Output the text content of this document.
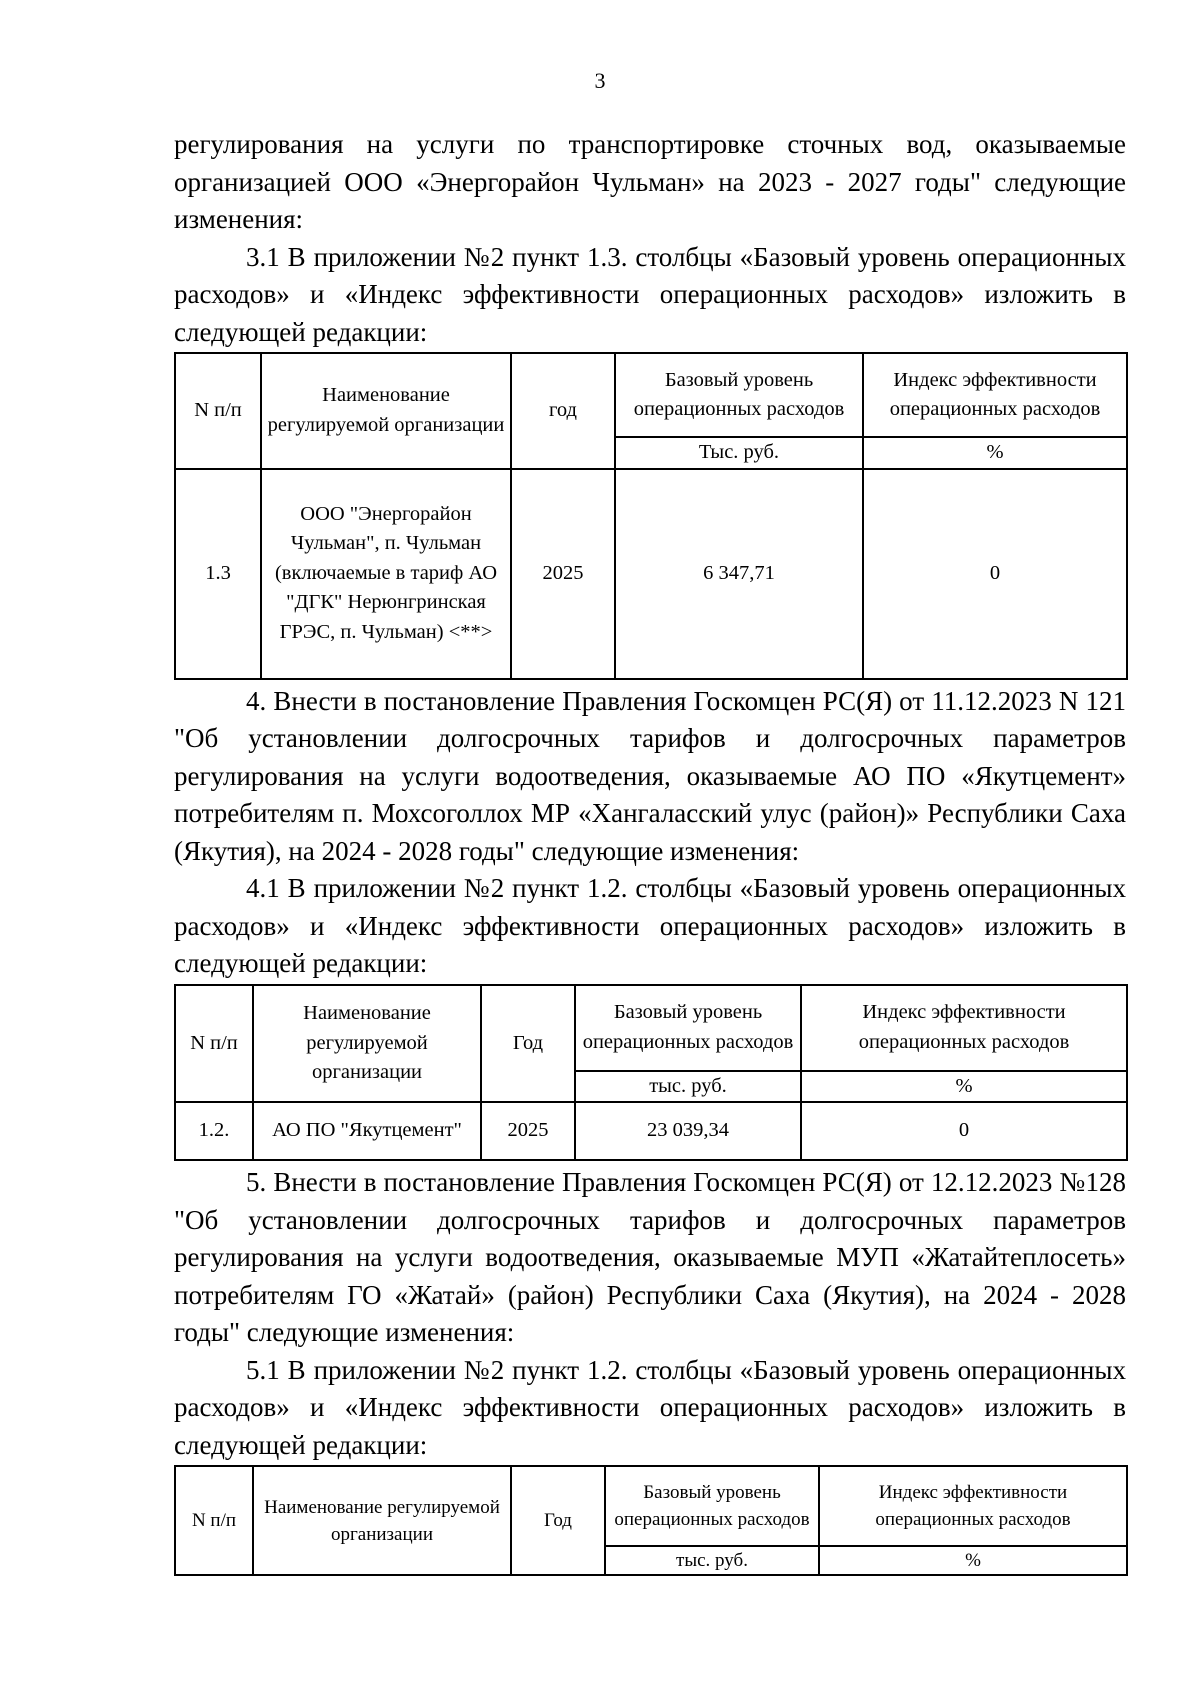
3

регулирования на услуги по транспортировке сточных вод, оказываемые организацией ООО «Энергорайон Чульман» на 2023 - 2027 годы" следующие изменения:

3.1 В приложении №2 пункт 1.3. столбцы «Базовый уровень операционных расходов» и «Индекс эффективности операционных расходов» изложить в следующей редакции:

N п/п	Наименование регулируемой организации	год	Базовый уровень операционных расходов	Индекс эффективности операционных расходов
			Тыс. руб.	%
1.3	ООО "Энергорайон Чульман", п. Чульман (включаемые в тариф АО "ДГК" Нерюнгринская ГРЭС, п. Чульман) <**>	2025	6 347,71	0

4. Внести в постановление Правления Госкомцен РС(Я) от 11.12.2023 N 121 "Об установлении долгосрочных тарифов и долгосрочных параметров регулирования на услуги водоотведения, оказываемые АО ПО «Якутцемент» потребителям п. Мохсоголлох МР «Хангаласский улус (район)» Республики Саха (Якутия), на 2024 - 2028 годы" следующие изменения:

4.1 В приложении №2 пункт 1.2. столбцы «Базовый уровень операционных расходов» и «Индекс эффективности операционных расходов» изложить в следующей редакции:

N п/п	Наименование регулируемой организации	Год	Базовый уровень операционных расходов	Индекс эффективности операционных расходов
			тыс. руб.	%
1.2.	АО ПО "Якутцемент"	2025	23 039,34	0

5. Внести в постановление Правления Госкомцен РС(Я) от 12.12.2023 №128 "Об установлении долгосрочных тарифов и долгосрочных параметров регулирования на услуги водоотведения, оказываемые МУП «Жатайтеплосеть» потребителям ГО «Жатай» (район) Республики Саха (Якутия), на 2024 - 2028 годы" следующие изменения:

5.1 В приложении №2 пункт 1.2. столбцы «Базовый уровень операционных расходов» и «Индекс эффективности операционных расходов» изложить в следующей редакции:

N п/п	Наименование регулируемой организации	Год	Базовый уровень операционных расходов	Индекс эффективности операционных расходов
			тыс. руб.	%
